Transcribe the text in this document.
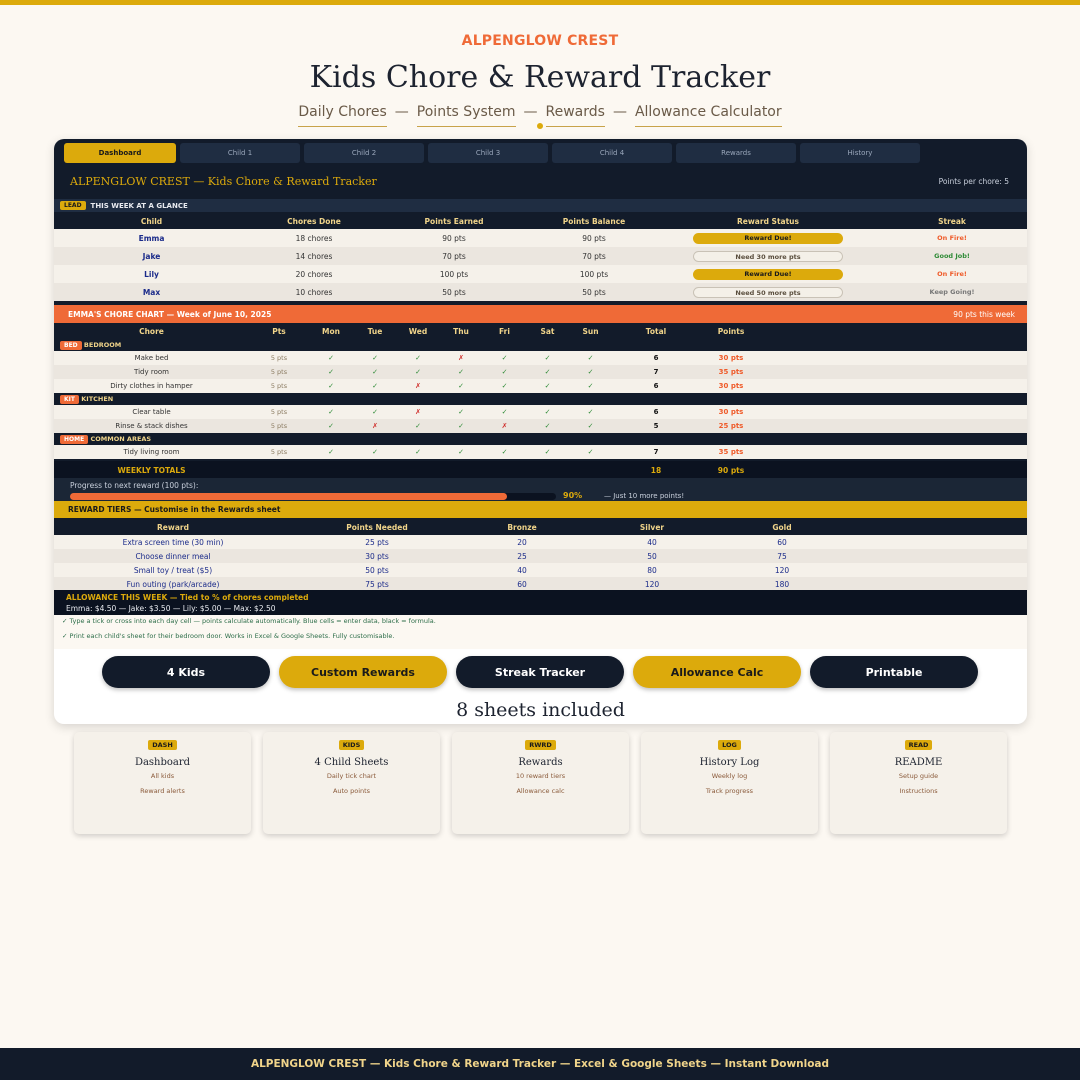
ALPENGLOW CREST
Kids Chore & Reward Tracker
Daily Chores — Points System — Rewards — Allowance Calculator
Dashboard	Child 1	Child 2	Child 3	Child 4	Rewards	History
ALPENGLOW CREST — Kids Chore & Reward Tracker	Points per chore: 5
LEAD	THIS WEEK AT A GLANCE
Child	Chores Done	Points Earned	Points Balance	Reward Status	Streak
Emma	18 chores	90 pts	90 pts	Reward Due!	On Fire!
Jake	14 chores	70 pts	70 pts	Need 30 more pts	Good Job!
Lily	20 chores	100 pts	100 pts	Reward Due!	On Fire!
Max	10 chores	50 pts	50 pts	Need 50 more pts	Keep Going!
EMMA'S CHORE CHART — Week of June 10, 2025	90 pts this week
Chore	Pts	Mon	Tue	Wed	Thu	Fri	Sat	Sun	Total	Points	
BED BEDROOM											
Make bed	5 pts	✓	✓	✓	✗	✓	✓	✓	6	30 pts	
Tidy room	5 pts	✓	✓	✓	✓	✓	✓	✓	7	35 pts	
Dirty clothes in hamper	5 pts	✓	✓	✗	✓	✓	✓	✓	6	30 pts	
KIT KITCHEN											
Clear table	5 pts	✓	✓	✗	✓	✓	✓	✓	6	30 pts	
Rinse & stack dishes	5 pts	✓	✗	✓	✓	✗	✓	✓	5	25 pts	
HOME COMMON AREAS											
Tidy living room	5 pts	✓	✓	✓	✓	✓	✓	✓	7	35 pts	
WEEKLY TOTALS									18	90 pts	
Progress to next reward (100 pts):
90%	— Just 10 more points!
REWARD TIERS — Customise in the Rewards sheet
Reward	Points Needed	Bronze	Silver	Gold	
Extra screen time (30 min)	25 pts	20	40	60	
Choose dinner meal	30 pts	25	50	75	
Small toy / treat ($5)	50 pts	40	80	120	
Fun outing (park/arcade)	75 pts	60	120	180	
ALLOWANCE THIS WEEK — Tied to % of chores completed
Emma: $4.50 — Jake: $3.50 — Lily: $5.00 — Max: $2.50
✓ Type a tick or cross into each day cell — points calculate automatically. Blue cells = enter data, black = formula.
✓ Print each child's sheet for their bedroom door. Works in Excel & Google Sheets. Fully customisable.
4 Kids	Custom Rewards	Streak Tracker	Allowance Calc	Printable
8 sheets included
DASH
Dashboard
All kids
Reward alerts
KIDS
4 Child Sheets
Daily tick chart
Auto points
RWRD
Rewards
10 reward tiers
Allowance calc
LOG
History Log
Weekly log
Track progress
READ
README
Setup guide
Instructions
ALPENGLOW CREST — Kids Chore & Reward Tracker — Excel & Google Sheets — Instant Download
